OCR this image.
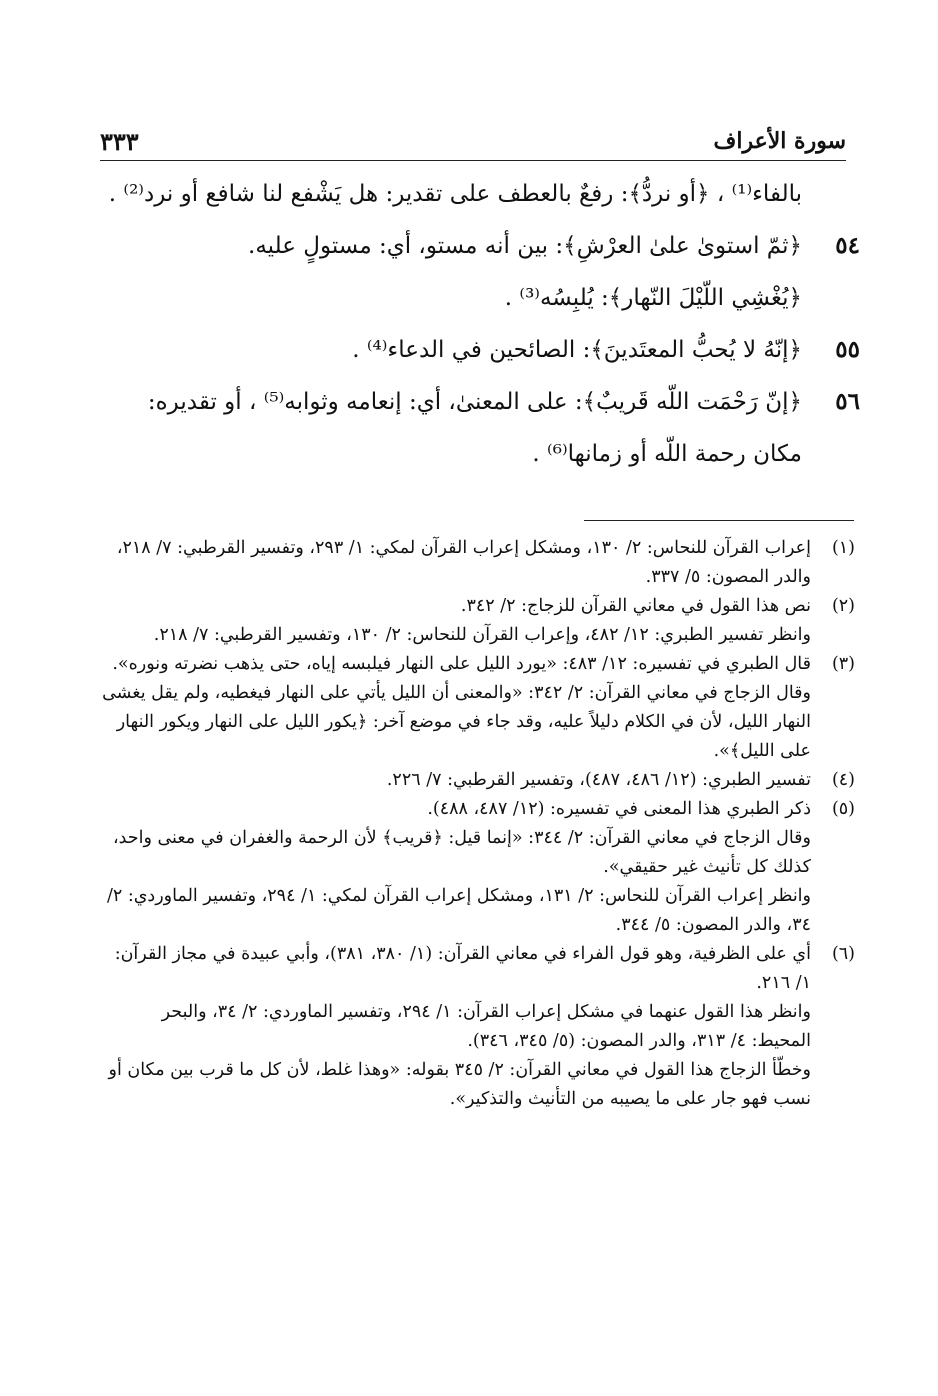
سورة الأعراف
٣٣٣
بالفاء⁽¹⁾ ، ﴿أو نردُّ﴾: رفعٌ بالعطف على تقدير: هل يَشْفع لنا شافع أو نرد⁽²⁾ .
٥٤
﴿ثمّ استوىٰ علىٰ العرْشِ﴾: بين أنه مستو، أي: مستولٍ عليه.
﴿يُغْشِي اللّيْلَ النّهار﴾: يُلبِسُه⁽³⁾ .
٥٥
﴿إنّهُ لا يُحبُّ المعتَدينَ﴾: الصائحين في الدعاء⁽⁴⁾ .
٥٦
﴿إنّ رَحْمَت اللّه قَريبٌ﴾: على المعنىٰ، أي: إنعامه وثوابه⁽⁵⁾ ، أو تقديره: مكان رحمة اللّه أو زمانها⁽⁶⁾ .
(١)

إعراب القرآن للنحاس: ٢/ ١٣٠، ومشكل إعراب القرآن لمكي: ١/ ٢٩٣، وتفسير القرطبي: ٧/ ٢١٨، والدر المصون: ٥/ ٣٣٧.

(٢)

نص هذا القول في معاني القرآن للزجاج: ٢/ ٣٤٢.

وانظر تفسير الطبري: ١٢/ ٤٨٢، وإعراب القرآن للنحاس: ٢/ ١٣٠، وتفسير القرطبي: ٧/ ٢١٨.

(٣)

قال الطبري في تفسيره: ١٢/ ٤٨٣: «يورد الليل على النهار فيلبسه إياه، حتى يذهب نضرته ونوره».

وقال الزجاج في معاني القرآن: ٢/ ٣٤٢: «والمعنى أن الليل يأتي على النهار فيغطيه، ولم يقل يغشى النهار الليل، لأن في الكلام دليلاً عليه، وقد جاء في موضع آخر: ﴿يكور الليل على النهار ويكور النهار على الليل﴾».

(٤)

تفسير الطبري: (١٢/ ٤٨٦، ٤٨٧)، وتفسير القرطبي: ٧/ ٢٢٦.

(٥)

ذكر الطبري هذا المعنى في تفسيره: (١٢/ ٤٨٧، ٤٨٨).

وقال الزجاج في معاني القرآن: ٢/ ٣٤٤: «إنما قيل: ﴿قريب﴾ لأن الرحمة والغفران في معنى واحد، كذلك كل تأنيث غير حقيقي».

وانظر إعراب القرآن للنحاس: ٢/ ١٣١، ومشكل إعراب القرآن لمكي: ١/ ٢٩٤، وتفسير الماوردي: ٢/ ٣٤، والدر المصون: ٥/ ٣٤٤.

(٦)

أي على الظرفية، وهو قول الفراء في معاني القرآن: (١/ ٣٨٠، ٣٨١)، وأبي عبيدة في مجاز القرآن: ١/ ٢١٦.

وانظر هذا القول عنهما في مشكل إعراب القرآن: ١/ ٢٩٤، وتفسير الماوردي: ٢/ ٣٤، والبحر المحيط: ٤/ ٣١٣، والدر المصون: (٥/ ٣٤٥، ٣٤٦).

وخطّأ الزجاج هذا القول في معاني القرآن: ٢/ ٣٤٥ بقوله: «وهذا غلط، لأن كل ما قرب بين مكان أو نسب فهو جار على ما يصيبه من التأنيث والتذكير».
